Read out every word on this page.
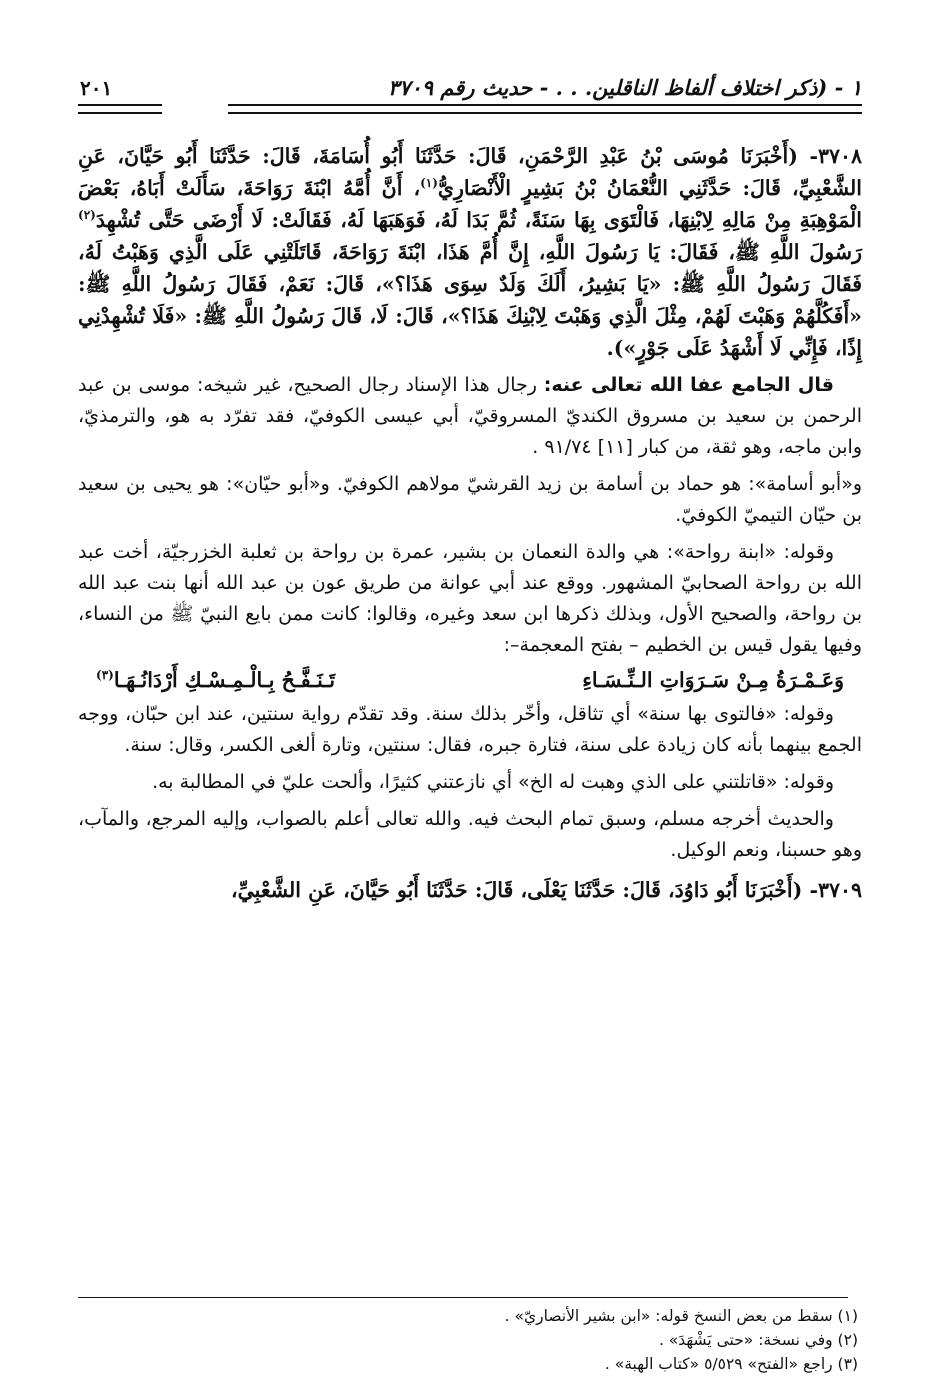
١ - (ذكر اختلاف ألفاظ الناقلين. . . - حديث رقم ٣٧٠٩
٢٠١

٣٧٠٨- (أَخْبَرَنَا مُوسَى بْنُ عَبْدِ الرَّحْمَنِ، قَالَ: حَدَّثَنَا أَبُو أُسَامَةَ، قَالَ: حَدَّثَنَا أَبُو حَيَّانَ، عَنِ الشَّعْبِيِّ، قَالَ: حَدَّثَنِي النُّعْمَانُ بْنُ بَشِيرٍ الْأَنْصَارِيُّ$^{(١)}$، أَنَّ أُمَّهُ ابْنَةَ رَوَاحَةَ، سَأَلَتْ أَبَاهُ، بَعْضَ الْمَوْهِبَةِ مِنْ مَالِهِ لِابْنِهَا، فَالْتَوَى بِهَا سَنَةً، ثُمَّ بَدَا لَهُ، فَوَهَبَهَا لَهُ، فَقَالَتْ: لَا أَرْضَى حَتَّى تُشْهِدَ$^{(٢)}$ رَسُولَ اللَّهِ ﷺ، فَقَالَ: يَا رَسُولَ اللَّهِ، إِنَّ أُمَّ هَذَا، ابْنَةَ رَوَاحَةَ، قَاتَلَتْنِي عَلَى الَّذِي وَهَبْتُ لَهُ، فَقَالَ رَسُولُ اللَّهِ ﷺ: «يَا بَشِيرُ، أَلَكَ وَلَدٌ سِوَى هَذَا؟»، قَالَ: نَعَمْ، فَقَالَ رَسُولُ اللَّهِ ﷺ: «أَفَكُلَّهُمْ وَهَبْتَ لَهُمْ، مِثْلَ الَّذِي وَهَبْتَ لِابْنِكَ هَذَا؟»، قَالَ: لَا، قَالَ رَسُولُ اللَّهِ ﷺ: «فَلَا تُشْهِدْنِي إِذًا، فَإِنِّي لَا أَشْهَدُ عَلَى جَوْرٍ»).

قال الجامع عفا الله تعالى عنه: رجال هذا الإسناد رجال الصحيح، غير شيخه: موسى بن عبد الرحمن بن سعيد بن مسروق الكنديّ المسروقيّ، أبي عيسى الكوفيّ، فقد تفرّد به هو، والترمذيّ، وابن ماجه، وهو ثقة، من كبار [١١] ٩١/٧٤ .

و«أبو أسامة»: هو حماد بن أسامة بن زيد القرشيّ مولاهم الكوفيّ. و«أبو حيّان»: هو يحيى بن سعيد بن حيّان التيميّ الكوفيّ.

وقوله: «ابنة رواحة»: هي والدة النعمان بن بشير، عمرة بن رواحة بن ثعلبة الخزرجيّة، أخت عبد الله بن رواحة الصحابيّ المشهور. ووقع عند أبي عوانة من طريق عون بن عبد الله أنها بنت عبد الله بن رواحة، والصحيح الأول، وبذلك ذكرها ابن سعد وغيره، وقالوا: كانت ممن بايع النبيّ ﷺ من النساء، وفيها يقول قيس بن الخطيم – بفتح المعجمة–:

وَعَـمْـرَةُ مِـنْ سَـرَوَاتِ الـنِّـسَـاءِ
تَـنَـفَّـحُ بِـالْـمِـسْـكِ أَرْدَانُـهَـا$^{(٣)}$

وقوله: «فالتوى بها سنة» أي تثاقل، وأخّر بذلك سنة. وقد تقدّم رواية سنتين، عند ابن حبّان، ووجه الجمع بينهما بأنه كان زيادة على سنة، فتارة جبره، فقال: سنتين، وتارة ألغى الكسر، وقال: سنة.

وقوله: «قاتلتني على الذي وهبت له الخ» أي نازعتني كثيرًا، وألحت عليّ في المطالبة به.

والحديث أخرجه مسلم، وسبق تمام البحث فيه. والله تعالى أعلم بالصواب، وإليه المرجع، والمآب، وهو حسبنا، ونعم الوكيل.

٣٧٠٩- (أَخْبَرَنَا أَبُو دَاوُدَ، قَالَ: حَدَّثَنَا يَعْلَى، قَالَ: حَدَّثَنَا أَبُو حَيَّانَ، عَنِ الشَّعْبِيِّ،

(١) سقط من بعض النسخ قوله: «ابن بشير الأنصاريّ» .
(٢) وفي نسخة: «حتى يَشْهَدَ» .
(٣) راجع «الفتح» ٥/٥٢٩ «كتاب الهبة» .
